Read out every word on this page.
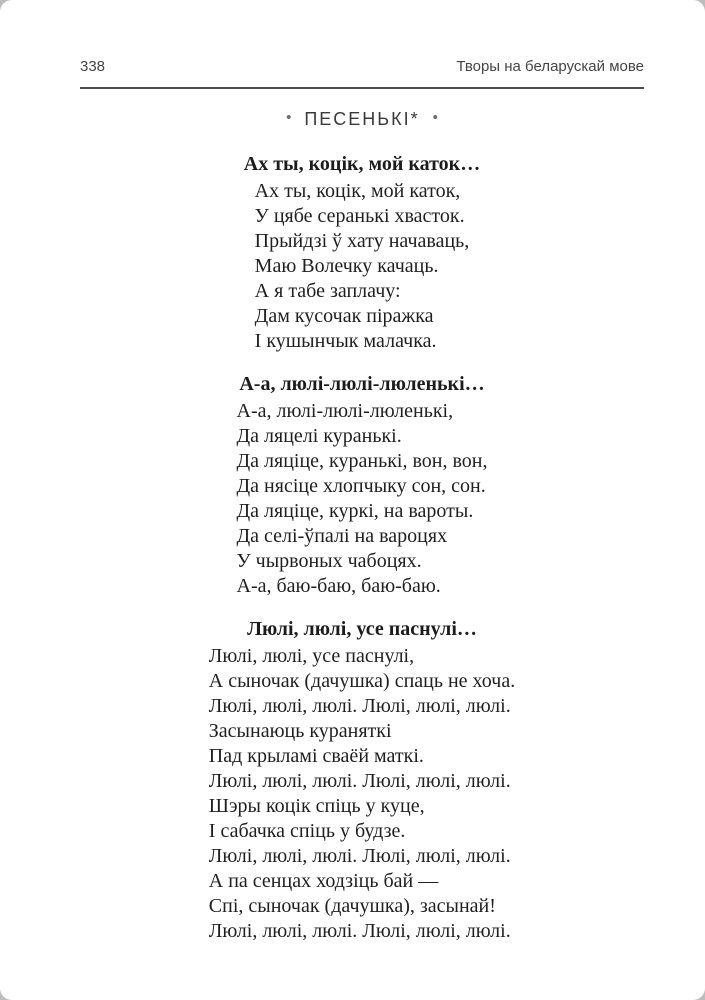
338	Творы на беларускай мове
• ПЕСЕНЬКІ* •
Ах ты, коцік, мой каток…
Ах ты, коцік, мой каток,
У цябе серанькі хвасток.
Прыйдзі ў хату начаваць,
Маю Волечку качаць.
А я табе заплачу:
Дам кусочак піражка
І кушынчык малачка.
А-а, люлі-люлі-люленькі…
А-а, люлі-люлі-люленькі,
Да ляцелі куранькі.
Да ляціце, куранькі, вон, вон,
Да нясіце хлопчыку сон, сон.
Да ляціце, куркі, на вароты.
Да селі-ўпалі на вароцях
У чырвоных чабоцях.
А-а, баю-баю, баю-баю.
Люлі, люлі, усе паснулі…
Люлі, люлі, усе паснулі,
А сыночак (дачушка) спаць не хоча.
Люлі, люлі, люлі. Люлі, люлі, люлі.
Засынаюць кураняткі
Пад крыламі сваёй маткі.
Люлі, люлі, люлі. Люлі, люлі, люлі.
Шэры коцік спіць у куце,
І сабачка спіць у будзе.
Люлі, люлі, люлі. Люлі, люлі, люлі.
А па сенцах ходзіць бай —
Спі, сыночак (дачушка), засынай!
Люлі, люлі, люлі. Люлі, люлі, люлі.
